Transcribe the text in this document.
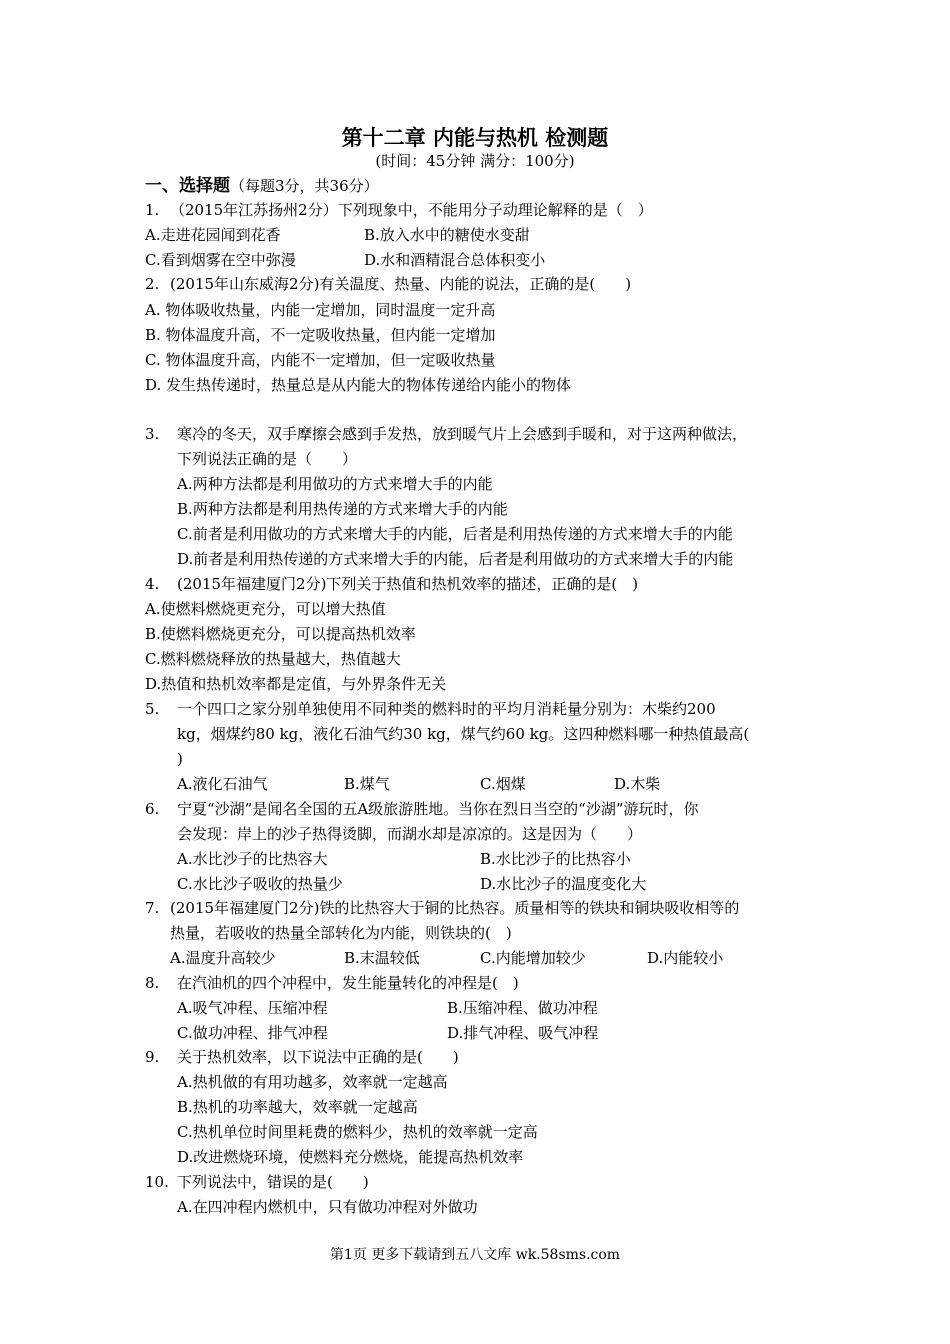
第十二章 内能与热机 检测题
(时间：45分钟 满分：100分)
一、选择题（每题3分，共36分）
1. （2015年江苏扬州2分）下列现象中，不能用分子动理论解释的是（　）
A.走进花园闻到花香	B.放入水中的糖使水变甜
C.看到烟雾在空中弥漫	D.水和酒精混合总体积变小
2. (2015年山东威海2分)有关温度、热量、内能的说法，正确的是(　　)
A. 物体吸收热量，内能一定增加，同时温度一定升高
B. 物体温度升高，不一定吸收热量，但内能一定增加
C. 物体温度升高，内能不一定增加，但一定吸收热量
D. 发生热传递时，热量总是从内能大的物体传递给内能小的物体
3. 寒冷的冬天，双手摩擦会感到手发热，放到暖气片上会感到手暖和，对于这两种做法，
下列说法正确的是（　　）
A.两种方法都是利用做功的方式来增大手的内能
B.两种方法都是利用热传递的方式来增大手的内能
C.前者是利用做功的方式来增大手的内能，后者是利用热传递的方式来增大手的内能
D.前者是利用热传递的方式来增大手的内能，后者是利用做功的方式来增大手的内能
4. (2015年福建厦门2分)下列关于热值和热机效率的描述，正确的是(　)
A.使燃料燃烧更充分，可以增大热值
B.使燃料燃烧更充分，可以提高热机效率
C.燃料燃烧释放的热量越大，热值越大
D.热值和热机效率都是定值，与外界条件无关
5. 一个四口之家分别单独使用不同种类的燃料时的平均月消耗量分别为：木柴约200
kg，烟煤约80 kg，液化石油气约30 kg，煤气约60 kg。这四种燃料哪一种热值最高(
)
A.液化石油气	B.煤气	C.烟煤	D.木柴
6. 宁夏“沙湖”是闻名全国的五A级旅游胜地。当你在烈日当空的“沙湖”游玩时，你
会发现：岸上的沙子热得烫脚，而湖水却是凉凉的。这是因为（　　）
A.水比沙子的比热容大	B.水比沙子的比热容小
C.水比沙子吸收的热量少	D.水比沙子的温度变化大
7. (2015年福建厦门2分)铁的比热容大于铜的比热容。质量相等的铁块和铜块吸收相等的
热量，若吸收的热量全部转化为内能，则铁块的(　)
A.温度升高较少	B.末温较低	C.内能增加较少	D.内能较小
8. 在汽油机的四个冲程中，发生能量转化的冲程是(　)
A.吸气冲程、压缩冲程	B.压缩冲程、做功冲程
C.做功冲程、排气冲程	D.排气冲程、吸气冲程
9. 关于热机效率，以下说法中正确的是(　　)
A.热机做的有用功越多，效率就一定越高
B.热机的功率越大，效率就一定越高
C.热机单位时间里耗费的燃料少，热机的效率就一定高
D.改进燃烧环境，使燃料充分燃烧，能提高热机效率
10. 下列说法中，错误的是(　　)
A.在四冲程内燃机中，只有做功冲程对外做功
第1页 更多下载请到五八文库 wk.58sms.com
